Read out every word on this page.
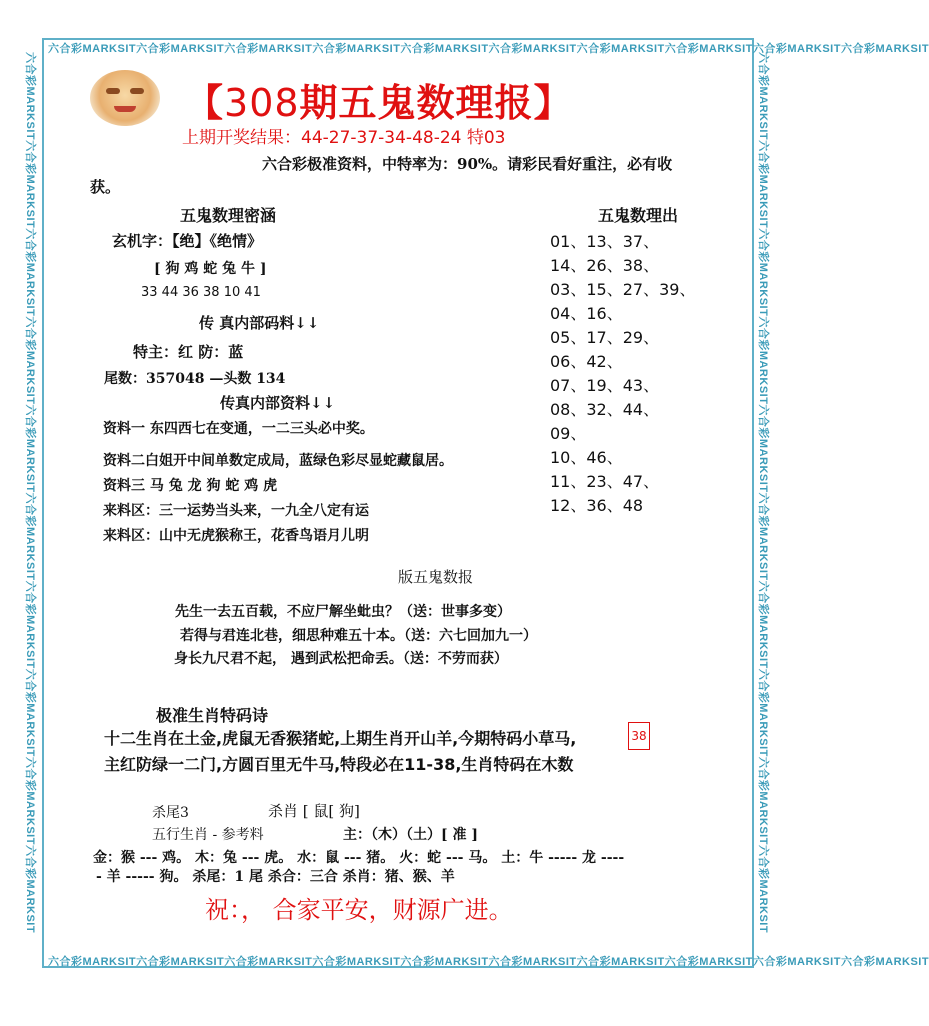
六合彩MARKSIT六合彩MARKSIT六合彩MARKSIT六合彩MARKSIT六合彩MARKSIT六合彩MARKSIT六合彩MARKSIT六合彩MARKSIT六合彩MARKSIT六合彩MARKSIT
六合彩MARKSIT六合彩MARKSIT六合彩MARKSIT六合彩MARKSIT六合彩MARKSIT六合彩MARKSIT六合彩MARKSIT六合彩MARKSIT六合彩MARKSIT六合彩MARKSIT
六合彩MARKSIT六合彩MARKSIT六合彩MARKSIT六合彩MARKSIT六合彩MARKSIT六合彩MARKSIT六合彩MARKSIT六合彩MARKSIT六合彩MARKSIT六合彩MARKSIT	六合彩MARKSIT六合彩MARKSIT六合彩MARKSIT六合彩MARKSIT六合彩MARKSIT六合彩MARKSIT六合彩MARKSIT六合彩MARKSIT六合彩MARKSIT六合彩MARKSIT
【308期五鬼数理报】
上期开奖结果：44-27-37-34-48-24 特03
六合彩极准资料，中特率为：90%。请彩民看好重注，必有收
获。
五鬼数理密涵	五鬼数理出
玄机字：【绝】《绝情》
[ 狗 鸡 蛇 兔 牛 ]
33 44 36 38 10 41
传 真内部码料↓↓
特主：红 防：蓝
尾数：357048 —头数 134
传真内部资料↓↓
资料一 东四西七在变通，一二三头必中奖。
资料二白姐开中间单数定成局，蓝绿色彩尽显蛇藏鼠居。
资料三 马 兔 龙 狗 蛇 鸡 虎
来料区：三一运势当头来，一九全八定有运
来料区：山中无虎猴称王，花香鸟语月儿明
01、13、37、
14、26、38、
03、15、27、39、
04、16、
05、17、29、
06、42、
07、19、43、
08、32、44、
09、
10、46、
11、23、47、
12、36、48
版五鬼数报
先生一去五百载，不应尸解坐蚍虫？（送：世事多变）
若得与君连北巷，细思种难五十本。（送：六七回加九一）
身长九尺君不起， 遇到武松把命丢。（送：不劳而获）
极准生肖特码诗
十二生肖在土金,虎鼠无香猴猪蛇,上期生肖开山羊,今期特码小草马,
主红防绿一二门,方圆百里无牛马,特段必在11-38,生肖特码在木数
38
杀尾3	杀肖 [ 鼠[ 狗]
五行生肖 - 参考料	主：（木）（土）[ 准 ]
金：猴 --- 鸡。 木：兔 --- 虎。 水：鼠 --- 猪。 火：蛇 --- 马。 土：牛 ----- 龙 ----
- 羊 ----- 狗。 杀尾：1 尾 杀合：三合 杀肖：猪、猴、羊
祝：， 合家平安，财源广进。
